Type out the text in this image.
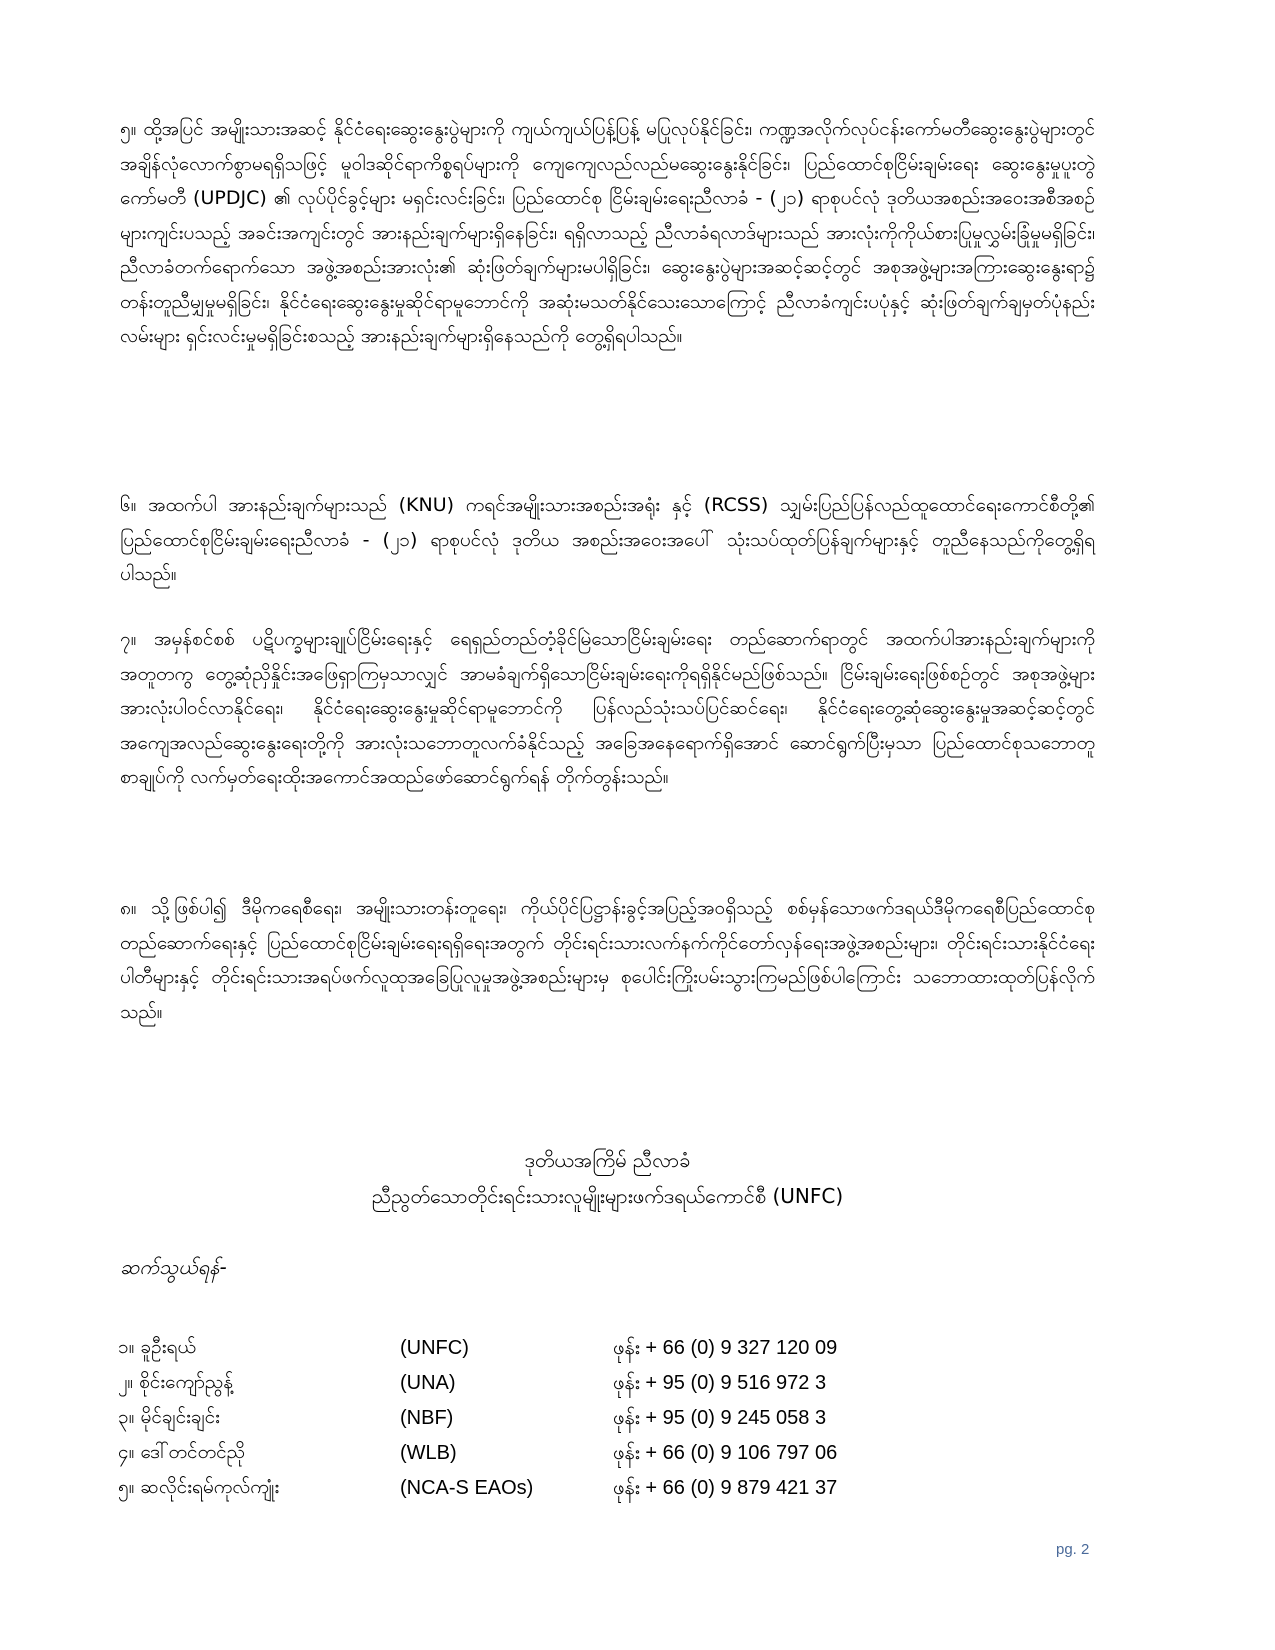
၅။ ထို့အပြင် အမျိုးသားအဆင့် နိုင်ငံရေးဆွေးနွေးပွဲများကို ကျယ်ကျယ်ပြန့်ပြန့် မပြုလုပ်နိုင်ခြင်း၊ ကဏ္ဍအလိုက်လုပ်ငန်းကော်မတီဆွေးနွေးပွဲများတွင် အချိန်လုံလောက်စွာမရရှိသဖြင့် မူဝါဒဆိုင်ရာကိစ္စရပ်များကို ကျေကျေလည်လည်မဆွေးနွေးနိုင်ခြင်း၊ ပြည်ထောင်စုငြိမ်းချမ်းရေး ဆွေးနွေးမှုပူးတွဲကော်မတီ (UPDJC) ၏ လုပ်ပိုင်ခွင့်များ မရှင်းလင်းခြင်း၊ ပြည်ထောင်စု ငြိမ်းချမ်းရေးညီလာခံ - (၂၁) ရာစုပင်လုံ ဒုတိယအစည်းအဝေးအစီအစဉ်များကျင်းပသည့် အခင်းအကျင်းတွင် အားနည်းချက်များရှိနေခြင်း၊ ရရှိလာသည့် ညီလာခံရလာဒ်များသည် အားလုံးကိုကိုယ်စားပြုမှုလွှမ်းခြုံမှုမရှိခြင်း၊ ညီလာခံတက်ရောက်သော အဖွဲ့အစည်းအားလုံး၏ ဆုံးဖြတ်ချက်များမပါရှိခြင်း၊ ဆွေးနွေးပွဲများအဆင့်ဆင့်တွင် အစုအဖွဲ့များအကြားဆွေးနွေးရာ၌ တန်းတူညီမျှမှုမရှိခြင်း၊ နိုင်ငံရေးဆွေးနွေးမှုဆိုင်ရာမူဘောင်ကို အဆုံးမသတ်နိုင်သေးသောကြောင့် ညီလာခံကျင်းပပုံနှင့် ဆုံးဖြတ်ချက်ချမှတ်ပုံနည်းလမ်းများ ရှင်းလင်းမှုမရှိခြင်းစသည့် အားနည်းချက်များရှိနေသည်ကို တွေ့ရှိရပါသည်။
၆။ အထက်ပါ အားနည်းချက်များသည် (KNU) ကရင်အမျိုးသားအစည်းအရုံး နှင့် (RCSS) သျှမ်းပြည်ပြန်လည်ထူထောင်ရေးကောင်စီတို့၏ ပြည်ထောင်စုငြိမ်းချမ်းရေးညီလာခံ - (၂၁) ရာစုပင်လုံ ဒုတိယ အစည်းအဝေးအပေါ် သုံးသပ်ထုတ်ပြန်ချက်များနှင့် တူညီနေသည်ကိုတွေ့ရှိရပါသည်။
၇။ အမှန်စင်စစ် ပဋိပက္ခများချုပ်ငြိမ်းရေးနှင့် ရေရှည်တည်တံ့ခိုင်မြဲသောငြိမ်းချမ်းရေး တည်ဆောက်ရာတွင် အထက်ပါအားနည်းချက်များကိုအတူတကွ တွေ့ဆုံညှိနှိုင်းအဖြေရှာကြမှသာလျှင် အာမခံချက်ရှိသောငြိမ်းချမ်းရေးကိုရရှိနိုင်မည်ဖြစ်သည်။ ငြိမ်းချမ်းရေးဖြစ်စဉ်တွင် အစုအဖွဲ့များအားလုံးပါဝင်လာနိုင်ရေး၊ နိုင်ငံရေးဆွေးနွေးမှုဆိုင်ရာမူဘောင်ကို ပြန်လည်သုံးသပ်ပြင်ဆင်ရေး၊ နိုင်ငံရေးတွေ့ဆုံဆွေးနွေးမှုအဆင့်ဆင့်တွင် အကျေအလည်ဆွေးနွေးရေးတို့ကို အားလုံးသဘောတူလက်ခံနိုင်သည့် အခြေအနေရောက်ရှိအောင် ဆောင်ရွက်ပြီးမှသာ ပြည်ထောင်စုသဘောတူစာချုပ်ကို လက်မှတ်ရေးထိုးအကောင်အထည်ဖော်ဆောင်ရွက်ရန် တိုက်တွန်းသည်။
၈။ သို့ဖြစ်ပါ၍ ဒီမိုကရေစီရေး၊ အမျိုးသားတန်းတူရေး၊ ကိုယ်ပိုင်ပြဋ္ဌာန်းခွင့်အပြည့်အဝရှိသည့် စစ်မှန်သောဖက်ဒရယ်ဒီမိုကရေစီပြည်ထောင်စုတည်ဆောက်ရေးနှင့် ပြည်ထောင်စုငြိမ်းချမ်းရေးရရှိရေးအတွက် တိုင်းရင်းသားလက်နက်ကိုင်တော်လှန်ရေးအဖွဲ့အစည်းများ၊ တိုင်းရင်းသားနိုင်ငံရေးပါတီများနှင့် တိုင်းရင်းသားအရပ်ဖက်လူထုအခြေပြုလူမှုအဖွဲ့အစည်းများမှ စုပေါင်းကြိုးပမ်းသွားကြမည်ဖြစ်ပါကြောင်း သဘောထားထုတ်ပြန်လိုက်သည်။
ဒုတိယအကြိမ် ညီလာခံ
ညီညွတ်သောတိုင်းရင်းသားလူမျိုးများဖက်ဒရယ်ကောင်စီ (UNFC)
ဆက်သွယ်ရန်-
၁။ ခူဦးရယ်	(UNFC)	ဖုန်း + 66 (0) 9 327 120 09
၂။ စိုင်းကျော်ညွန့်	(UNA)	ဖုန်း + 95 (0) 9 516 972 3
၃။ မိုင်ချင်းချင်း	(NBF)	ဖုန်း + 95 (0) 9 245 058 3
၄။ ဒေါ်တင်တင်ညို	(WLB)	ဖုန်း + 66 (0) 9 106 797 06
၅။ ဆလိုင်းရမ်ကုလ်ကျုံး	(NCA-S EAOs)	ဖုန်း + 66 (0) 9 879 421 37
pg. 2
